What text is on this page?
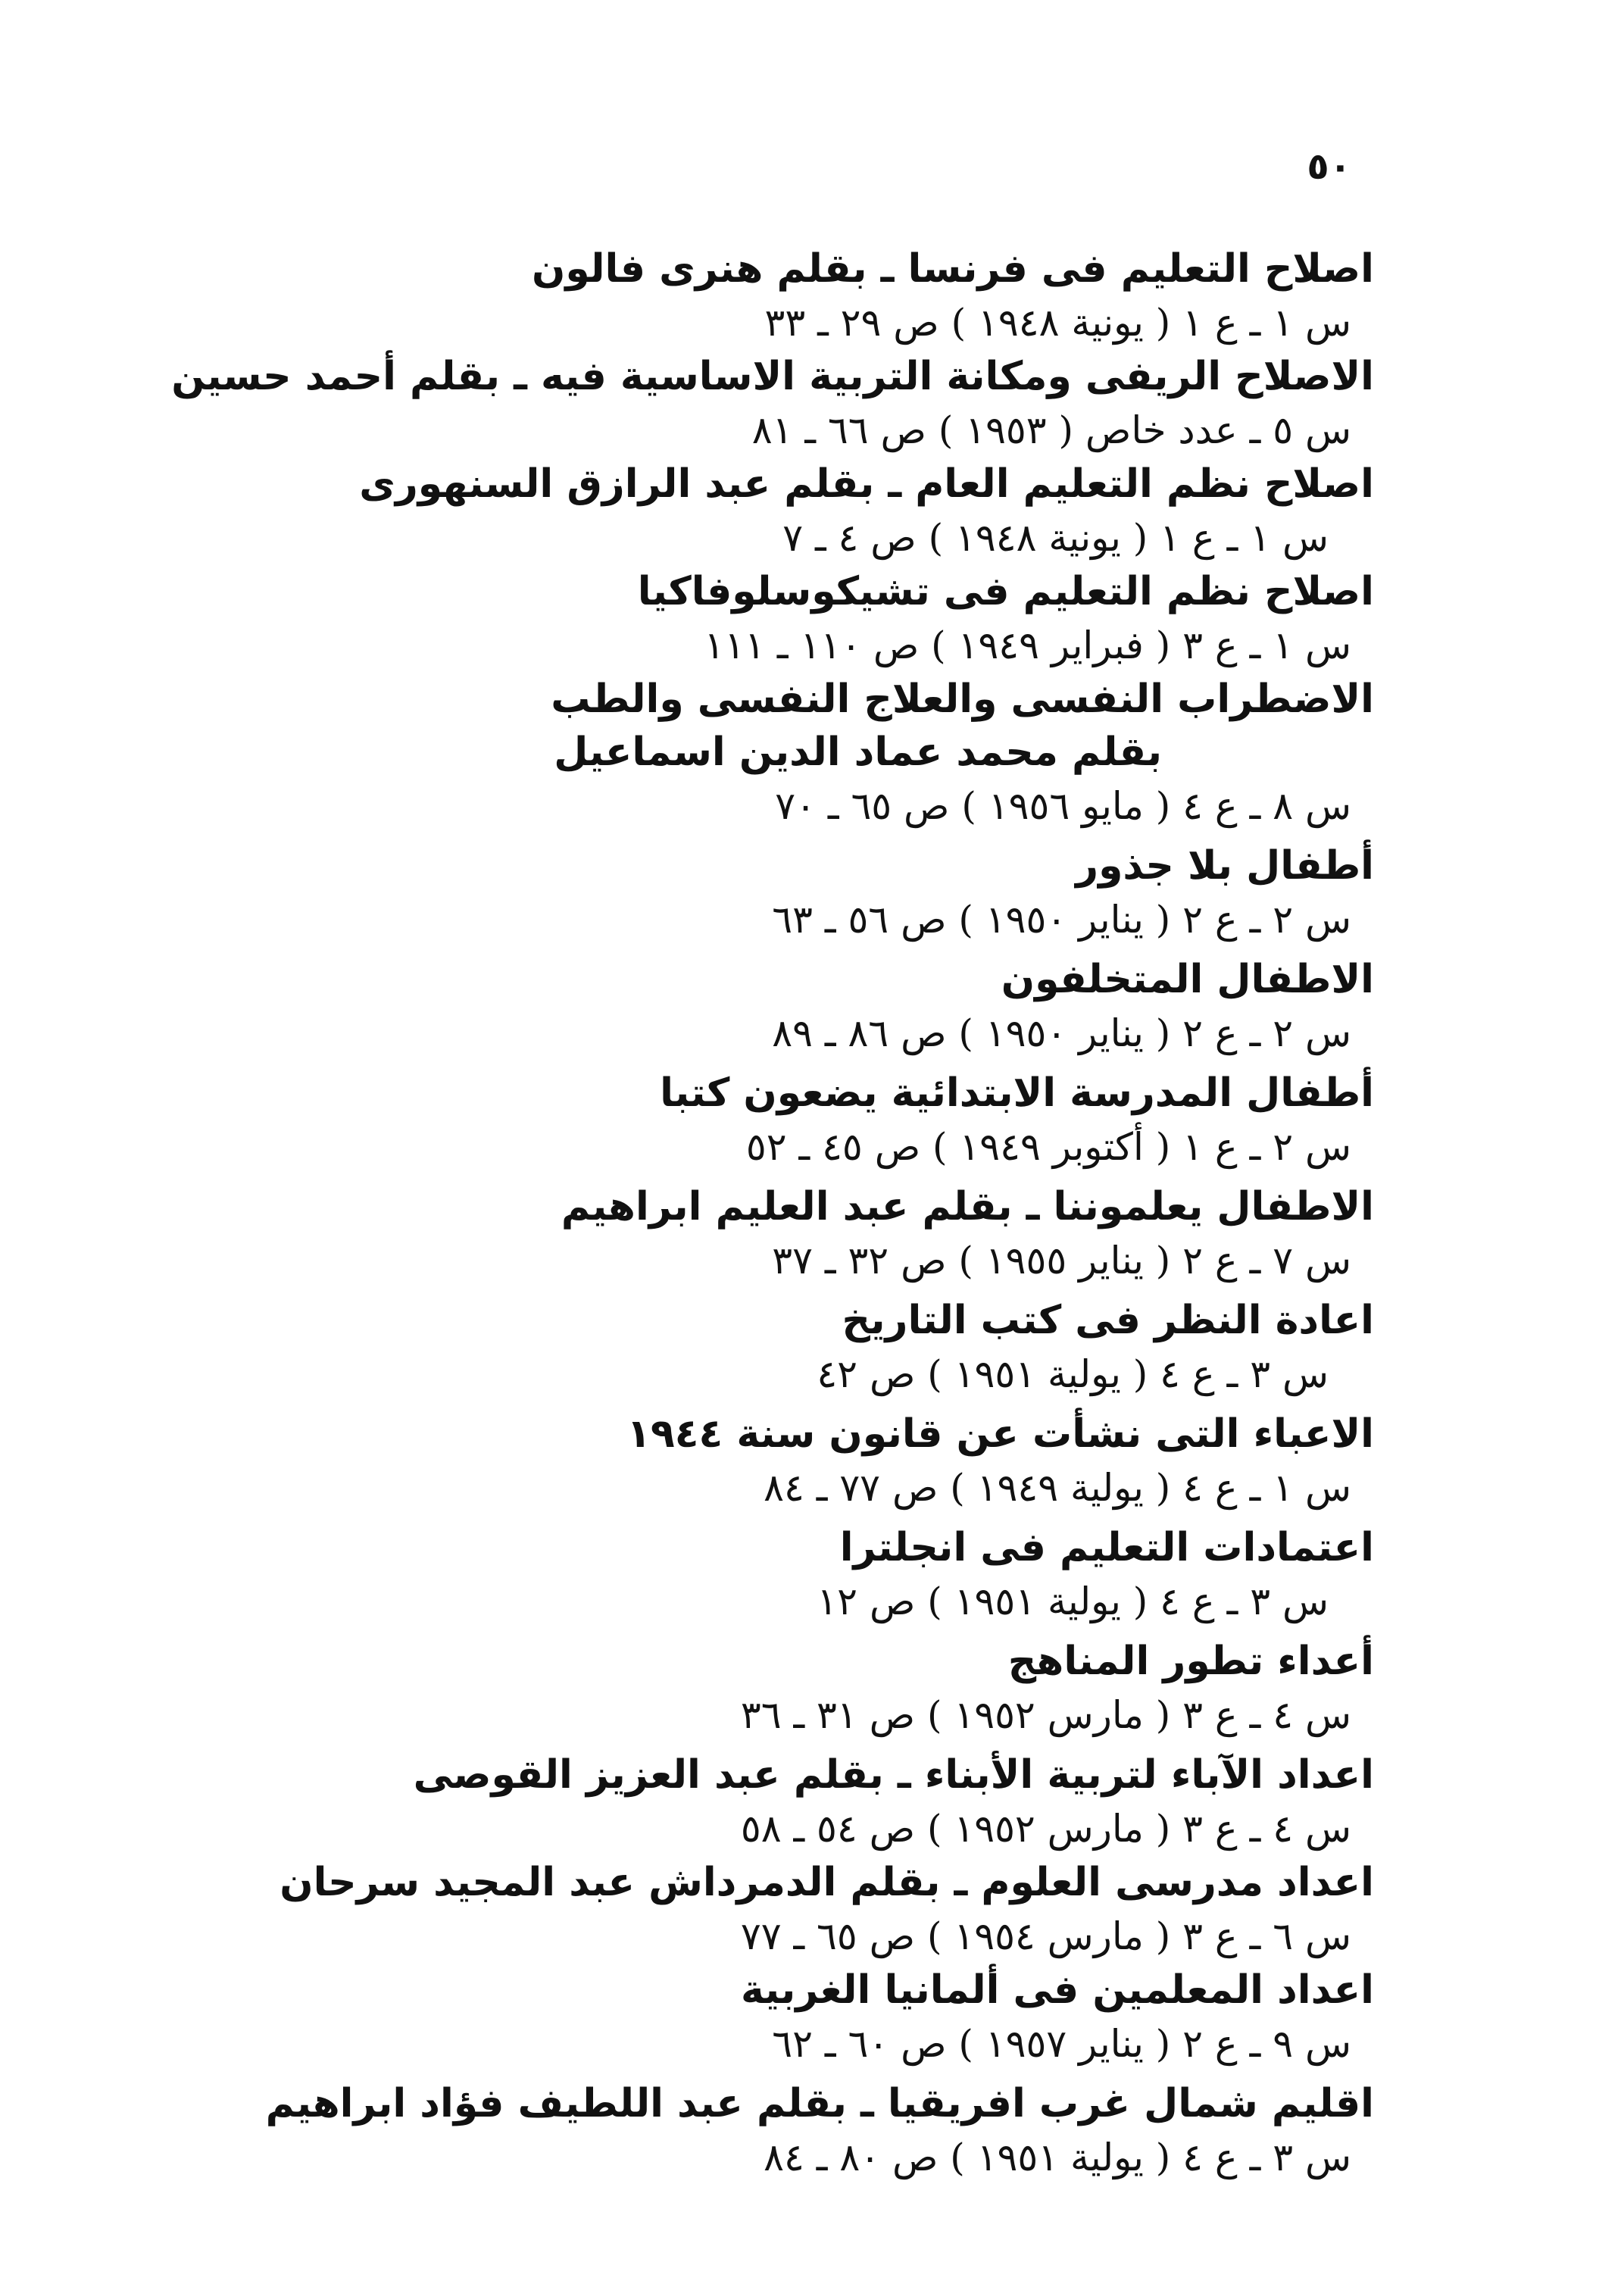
٥٠
اصلاح التعليم فى فرنسا ـ بقلم هنرى فالون
س ١ ـ ع ١ ( يونية ١٩٤٨ ) ص ٢٩ ـ ٣٣
الاصلاح الريفى ومكانة التربية الاساسية فيه ـ بقلم أحمد حسين
س ٥ ـ عدد خاص ( ١٩٥٣ ) ص ٦٦ ـ ٨١
اصلاح نظم التعليم العام ـ بقلم عبد الرازق السنهورى
س ١ ـ ع ١ ( يونية ١٩٤٨ ) ص ٤ ـ ٧
اصلاح نظم التعليم فى تشيكوسلوفاكيا
س ١ ـ ع ٣ ( فبراير ١٩٤٩ ) ص ١١٠ ـ ١١١
الاضطراب النفسى والعلاج النفسى والطب
بقلم محمد عماد الدين اسماعيل
س ٨ ـ ع ٤ ( مايو ١٩٥٦ ) ص ٦٥ ـ ٧٠
أطفال بلا جذور
س ٢ ـ ع ٢ ( يناير ١٩٥٠ ) ص ٥٦ ـ ٦٣
الاطفال المتخلفون
س ٢ ـ ع ٢ ( يناير ١٩٥٠ ) ص ٨٦ ـ ٨٩
أطفال المدرسة الابتدائية يضعون كتبا
س ٢ ـ ع ١ ( أكتوبر ١٩٤٩ ) ص ٤٥ ـ ٥٢
الاطفال يعلموننا ـ بقلم عبد العليم ابراهيم
س ٧ ـ ع ٢ ( يناير ١٩٥٥ ) ص ٣٢ ـ ٣٧
اعادة النظر فى كتب التاريخ
س ٣ ـ ع ٤ ( يولية ١٩٥١ ) ص ٤٢
الاعباء التى نشأت عن قانون سنة ١٩٤٤
س ١ ـ ع ٤ ( يولية ١٩٤٩ ) ص ٧٧ ـ ٨٤
اعتمادات التعليم فى انجلترا
س ٣ ـ ع ٤ ( يولية ١٩٥١ ) ص ١٢
أعداء تطور المناهج
س ٤ ـ ع ٣ ( مارس ١٩٥٢ ) ص ٣١ ـ ٣٦
اعداد الآباء لتربية الأبناء ـ بقلم عبد العزيز القوصى
س ٤ ـ ع ٣ ( مارس ١٩٥٢ ) ص ٥٤ ـ ٥٨
اعداد مدرسى العلوم ـ بقلم الدمرداش عبد المجيد سرحان
س ٦ ـ ع ٣ ( مارس ١٩٥٤ ) ص ٦٥ ـ ٧٧
اعداد المعلمين فى ألمانيا الغربية
س ٩ ـ ع ٢ ( يناير ١٩٥٧ ) ص ٦٠ ـ ٦٢
اقليم شمال غرب افريقيا ـ بقلم عبد اللطيف فؤاد ابراهيم
س ٣ ـ ع ٤ ( يولية ١٩٥١ ) ص ٨٠ ـ ٨٤
